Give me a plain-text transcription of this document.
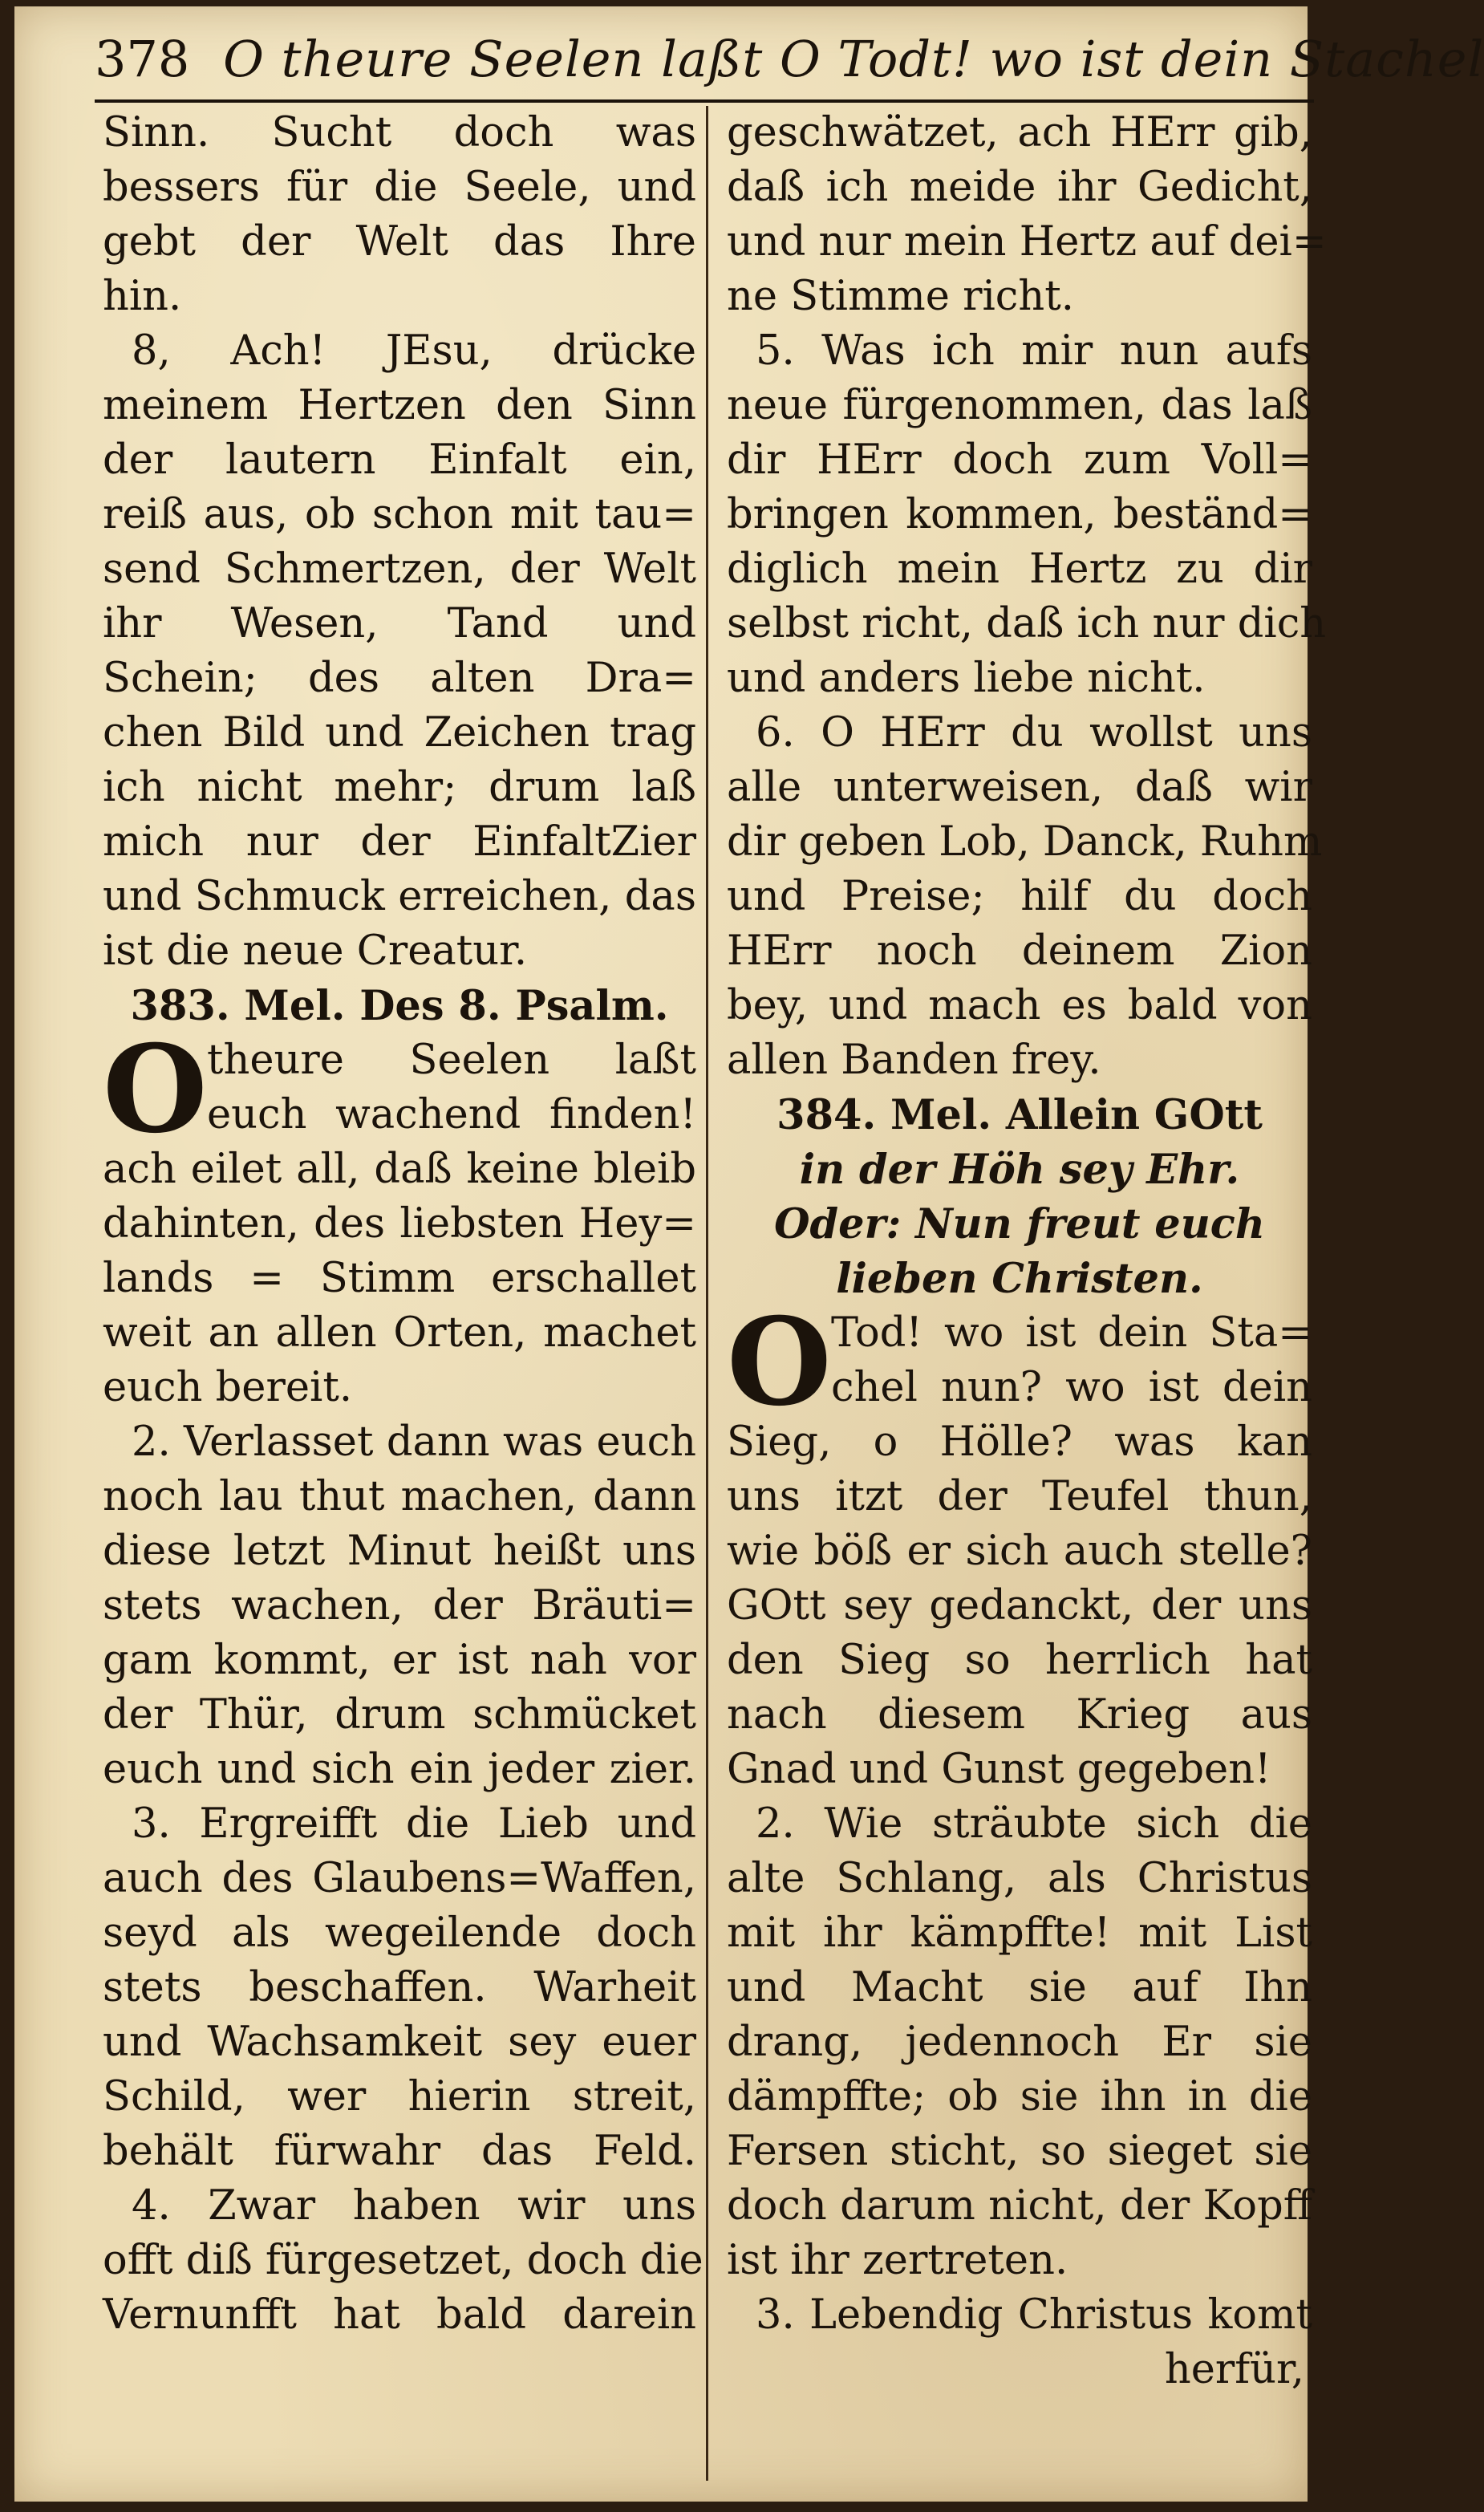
378 O theure Seelen laßt O Todt! wo ist dein Stachel
Sinn. Sucht doch was
bessers für die Seele, und
gebt der Welt das Ihre
hin.
8, Ach! JEsu, drücke
meinem Hertzen den Sinn
der lautern Einfalt ein,
reiß aus, ob schon mit tau=
send Schmertzen, der Welt
ihr Wesen, Tand und
Schein; des alten Dra=
chen Bild und Zeichen trag
ich nicht mehr; drum laß
mich nur der EinfaltZier
und Schmuck erreichen, das
ist die neue Creatur.
383. Mel. Des 8. Psalm.
O theure Seelen laßt
euch wachend finden!
ach eilet all, daß keine bleib
dahinten, des liebsten Hey=
lands = Stimm erschallet
weit an allen Orten, machet
euch bereit.
2. Verlasset dann was euch
noch lau thut machen, dann
diese letzt Minut heißt uns
stets wachen, der Bräuti=
gam kommt, er ist nah vor
der Thür, drum schmücket
euch und sich ein jeder zier.
3. Ergreifft die Lieb und
auch des Glaubens=Waffen,
seyd als wegeilende doch
stets beschaffen. Warheit
und Wachsamkeit sey euer
Schild, wer hierin streit,
behält fürwahr das Feld.
4. Zwar haben wir uns
offt diß fürgesetzet, doch die
Vernunfft hat bald darein
geschwätzet, ach HErr gib,
daß ich meide ihr Gedicht,
und nur mein Hertz auf dei=
ne Stimme richt.
5. Was ich mir nun aufs
neue fürgenommen, das laß
dir HErr doch zum Voll=
bringen kommen, beständ=
diglich mein Hertz zu dir
selbst richt, daß ich nur dich
und anders liebe nicht.
6. O HErr du wollst uns
alle unterweisen, daß wir
dir geben Lob, Danck, Ruhm
und Preise; hilf du doch
HErr noch deinem Zion
bey, und mach es bald von
allen Banden frey.
384. Mel. Allein GOtt
in der Höh sey Ehr.
Oder: Nun freut euch
lieben Christen.
O Tod! wo ist dein Sta=
chel nun? wo ist dein
Sieg, o Hölle? was kan
uns itzt der Teufel thun,
wie böß er sich auch stelle?
GOtt sey gedanckt, der uns
den Sieg so herrlich hat
nach diesem Krieg aus
Gnad und Gunst gegeben!
2. Wie sträubte sich die
alte Schlang, als Christus
mit ihr kämpffte! mit List
und Macht sie auf Ihn
drang, jedennoch Er sie
dämpffte; ob sie ihn in die
Fersen sticht, so sieget sie
doch darum nicht, der Kopff
ist ihr zertreten.
3. Lebendig Christus komt
herfür,
